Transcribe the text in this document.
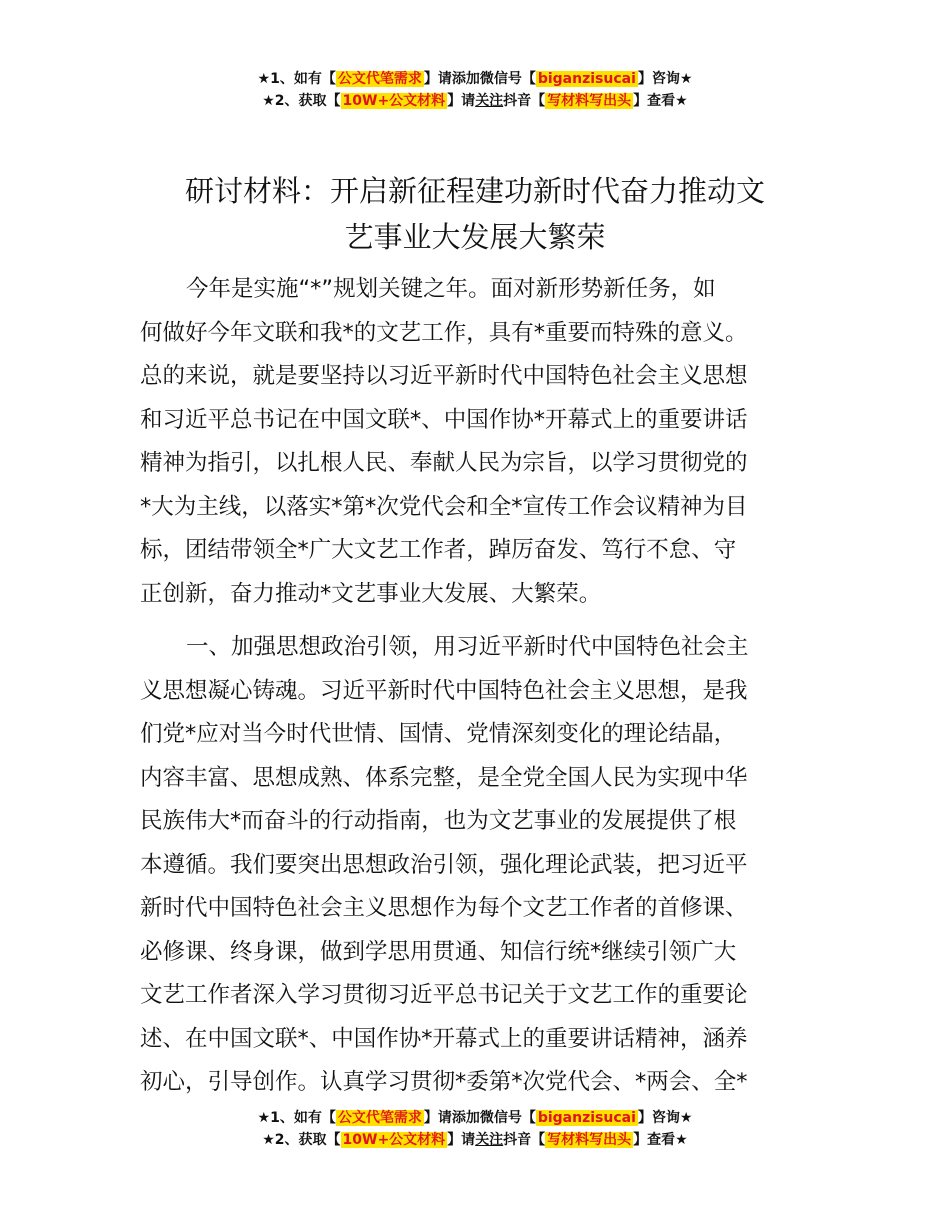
★1、如有【 公文代笔需求 】请添加微信号【 biganzisucai 】咨询★
★2、获取【 10W+公文材料 】请关注抖音【 写材料写出头 】查看★
研讨材料：开启新征程建功新时代奋力推动文
艺事业大发展大繁荣
今年是实施“*”规划关键之年。面对新形势新任务，如
何做好今年文联和我*的文艺工作，具有*重要而特殊的意义。
总的来说，就是要坚持以习近平新时代中国特色社会主义思想
和习近平总书记在中国文联*、中国作协*开幕式上的重要讲话
精神为指引，以扎根人民、奉献人民为宗旨，以学习贯彻党的
*大为主线，以落实*第*次党代会和全*宣传工作会议精神为目
标，团结带领全*广大文艺工作者，踔厉奋发、笃行不怠、守
正创新，奋力推动*文艺事业大发展、大繁荣。
一、加强思想政治引领，用习近平新时代中国特色社会主
义思想凝心铸魂。习近平新时代中国特色社会主义思想，是我
们党*应对当今时代世情、国情、党情深刻变化的理论结晶，
内容丰富、思想成熟、体系完整，是全党全国人民为实现中华
民族伟大*而奋斗的行动指南，也为文艺事业的发展提供了根
本遵循。我们要突出思想政治引领，强化理论武装，把习近平
新时代中国特色社会主义思想作为每个文艺工作者的首修课、
必修课、终身课，做到学思用贯通、知信行统*继续引领广大
文艺工作者深入学习贯彻习近平总书记关于文艺工作的重要论
述、在中国文联*、中国作协*开幕式上的重要讲话精神，涵养
初心，引导创作。认真学习贯彻*委第*次党代会、*两会、全*
★1、如有【 公文代笔需求 】请添加微信号【 biganzisucai 】咨询★
★2、获取【 10W+公文材料 】请关注抖音【 写材料写出头 】查看★
